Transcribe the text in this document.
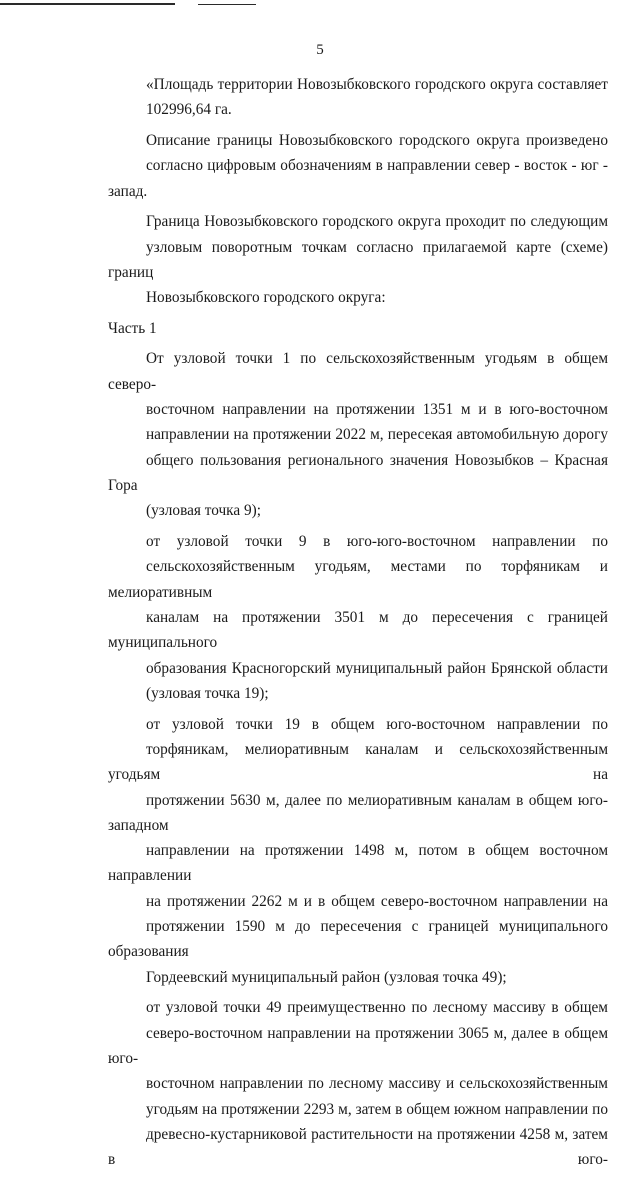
5

«Площадь территории Новозыбковского городского округа составляет
102996,64 га.

Описание границы Новозыбковского городского округа произведено
согласно цифровым обозначениям в направлении север - восток - юг - запад.

Граница Новозыбковского городского округа проходит по следующим
узловым поворотным точкам согласно прилагаемой карте (схеме) границ
Новозыбковского городского округа:

Часть 1

От узловой точки 1 по сельскохозяйственным угодьям в общем северо-
восточном направлении на протяжении 1351 м и в юго-восточном
направлении на протяжении 2022 м, пересекая автомобильную дорогу
общего пользования регионального значения Новозыбков – Красная Гора
(узловая точка 9);

от узловой точки 9 в юго-юго-восточном направлении по
сельскохозяйственным угодьям, местами по торфяникам и мелиоративным
каналам на протяжении 3501 м до пересечения с границей муниципального
образования Красногорский муниципальный район Брянской области
(узловая точка 19);

от узловой точки 19 в общем юго-восточном направлении по
торфяникам, мелиоративным каналам и сельскохозяйственным угодьям на
протяжении 5630 м, далее по мелиоративным каналам в общем юго-западном
направлении на протяжении 1498 м, потом в общем восточном направлении
на протяжении 2262 м и в общем северо-восточном направлении на
протяжении 1590 м до пересечения с границей муниципального образования
Гордеевский муниципальный район (узловая точка 49);

от узловой точки 49 преимущественно по лесному массиву в общем
северо-восточном направлении на протяжении 3065 м, далее в общем юго-
восточном направлении по лесному массиву и сельскохозяйственным
угодьям на протяжении 2293 м, затем в общем южном направлении по
древесно-кустарниковой растительности на протяжении 4258 м, затем в юго-
